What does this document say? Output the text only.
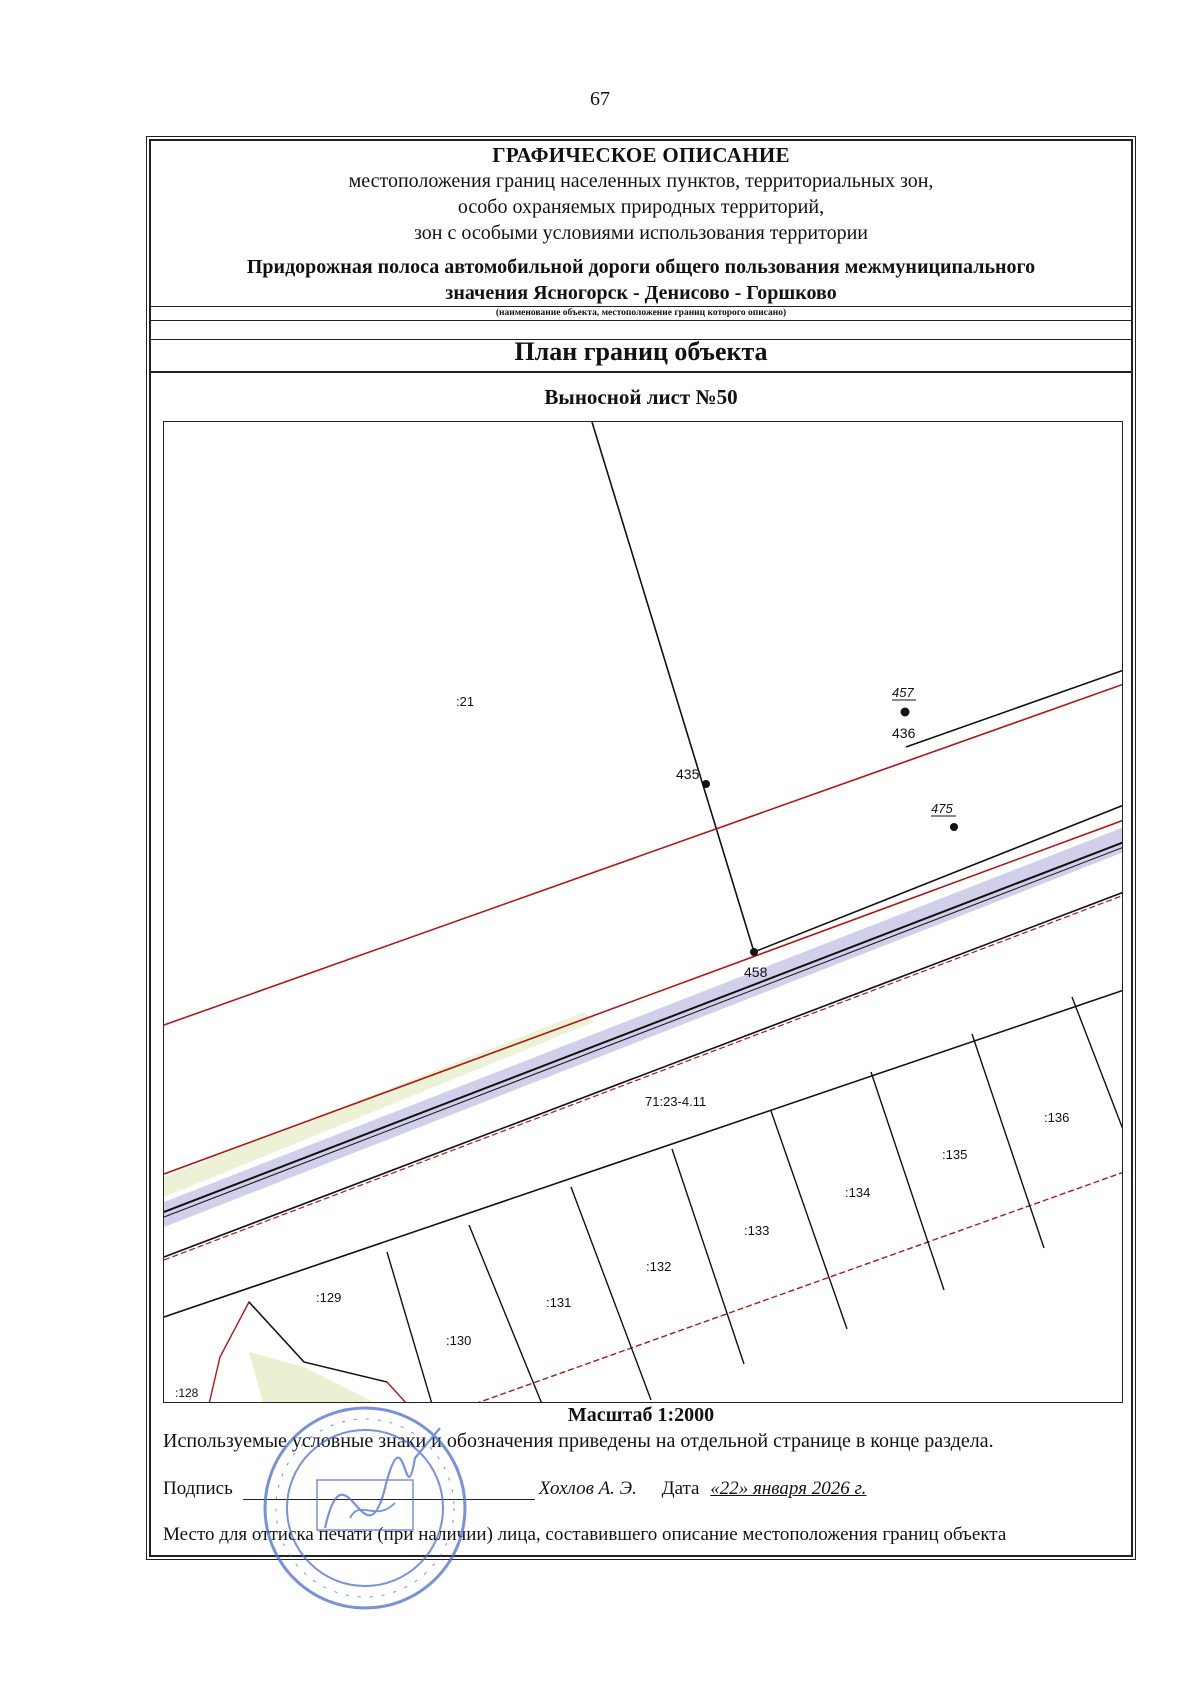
67
ГРАФИЧЕСКОЕ ОПИСАНИЕ
местоположения границ населенных пунктов, территориальных зон,
особо охраняемых природных территорий,
зон с особыми условиями использования территории
Придорожная полоса автомобильной дороги общего пользования межмуниципального
значения Ясногорск - Денисово - Горшково
(наименование объекта, местоположение границ которого описано)
План границ объекта
Выносной лист №50
435
436
457
458
475
:21
71:23-4.11
:128
:129
:130
:131
:132
:133
:134
:135
:136
Масштаб 1:2000
Используемые условные знаки и обозначения приведены на отдельной странице в конце раздела.
Подпись	Хохлов А. Э. Дата «22» января 2026 г.
Место для оттиска печати (при наличии) лица, составившего описание местоположения границ объекта
